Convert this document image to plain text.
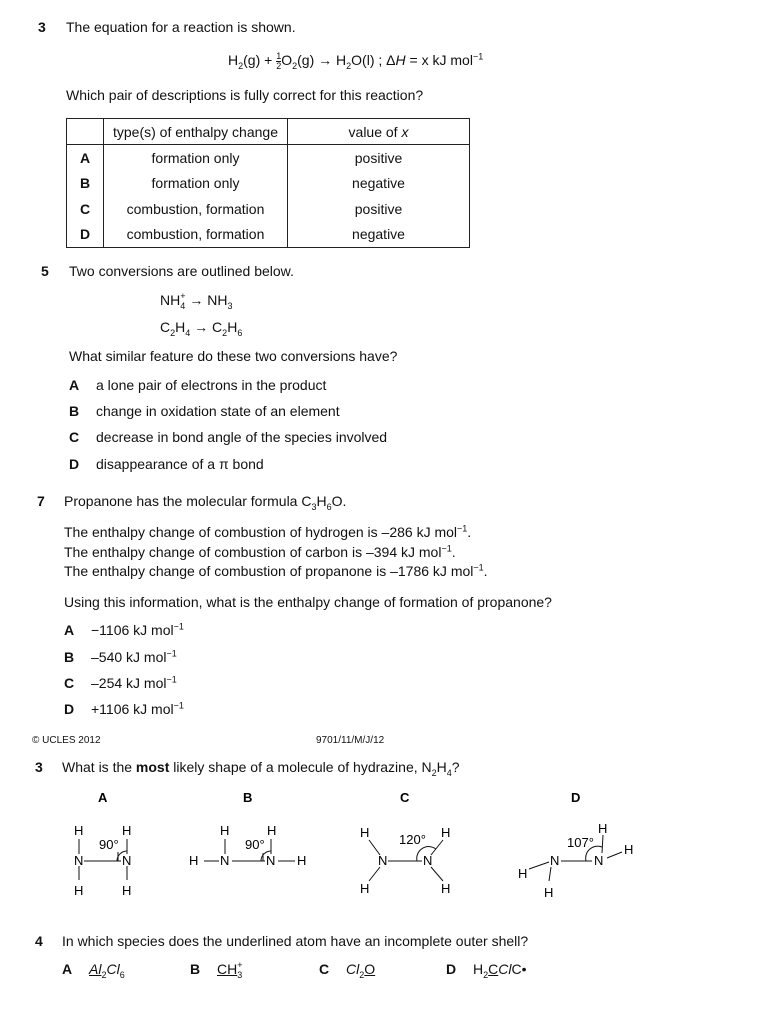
3 The equation for a reaction is shown.
$H_2(g) + \frac{1}{2} O_2(g) \to H_2O(l)$ ; ΔH = x kJ mol$^{-1}$
Which pair of descriptions is fully correct for this reaction?
	type(s) of enthalpy change	value of x
A	formation only	positive
B	formation only	negative
C	combustion, formation	positive
D	combustion, formation	negative
5 Two conversions are outlined below.
$NH_4^+ \to NH_3$
$C_2H_4 \to C_2H_6$
What similar feature do these two conversions have?
A a lone pair of electrons in the product
B change in oxidation state of an element
C decrease in bond angle of the species involved
D disappearance of a π bond
7 Propanone has the molecular formula $C_3H_6O$.
The enthalpy change of combustion of hydrogen is –286 kJ mol$^{-1}$.
The enthalpy change of combustion of carbon is –394 kJ mol$^{-1}$.
The enthalpy change of combustion of propanone is –1786 kJ mol$^{-1}$.
Using this information, what is the enthalpy change of formation of propanone?
A −1106 kJ mol$^{-1}$
B –540 kJ mol$^{-1}$
C –254 kJ mol$^{-1}$
D +1106 kJ mol$^{-1}$
© UCLES 2012	9701/11/M/J/12
3 What is the most likely shape of a molecule of hydrazine, $N_2H_4$?
A	B	C	D
H
N
H
H
N
H
90°
H	H
H N	N H
90°
H
N
H
H
N
H
120°
H
N
H
H
N
H
107°
4 In which species does the underlined atom have an incomplete outer shell?
A $Al_2Cl_6$	B $CH_3^+$	C $Cl_2O$	D $H_2CClC•$
